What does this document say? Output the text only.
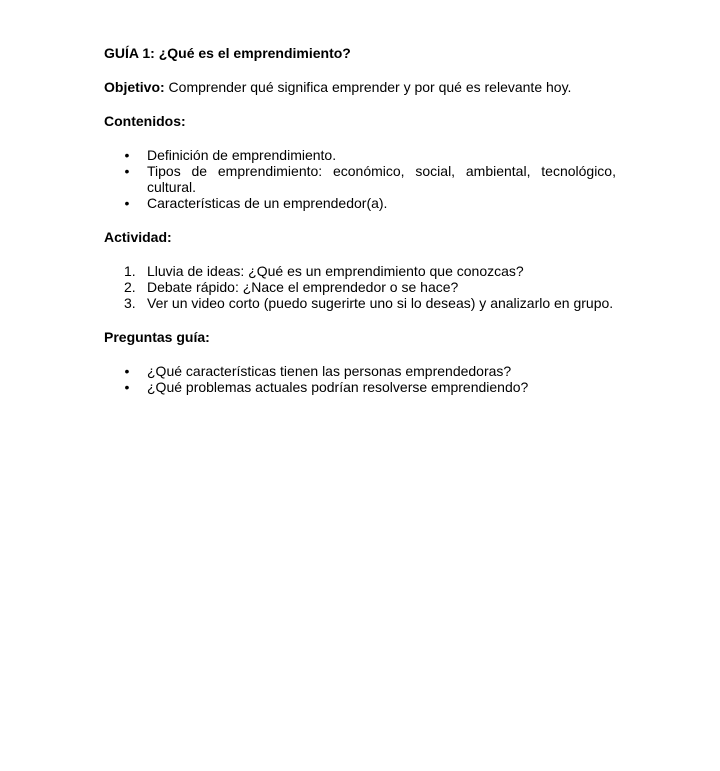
GUÍA 1: ¿Qué es el emprendimiento?

Objetivo: Comprender qué significa emprender y por qué es relevante hoy.

Contenidos:

• Definición de emprendimiento.
• Tipos de emprendimiento: económico, social, ambiental, tecnológico, cultural.
• Características de un emprendedor(a).

Actividad:

1. Lluvia de ideas: ¿Qué es un emprendimiento que conozcas?
2. Debate rápido: ¿Nace el emprendedor o se hace?
3. Ver un video corto (puedo sugerirte uno si lo deseas) y analizarlo en grupo.

Preguntas guía:

• ¿Qué características tienen las personas emprendedoras?
• ¿Qué problemas actuales podrían resolverse emprendiendo?
